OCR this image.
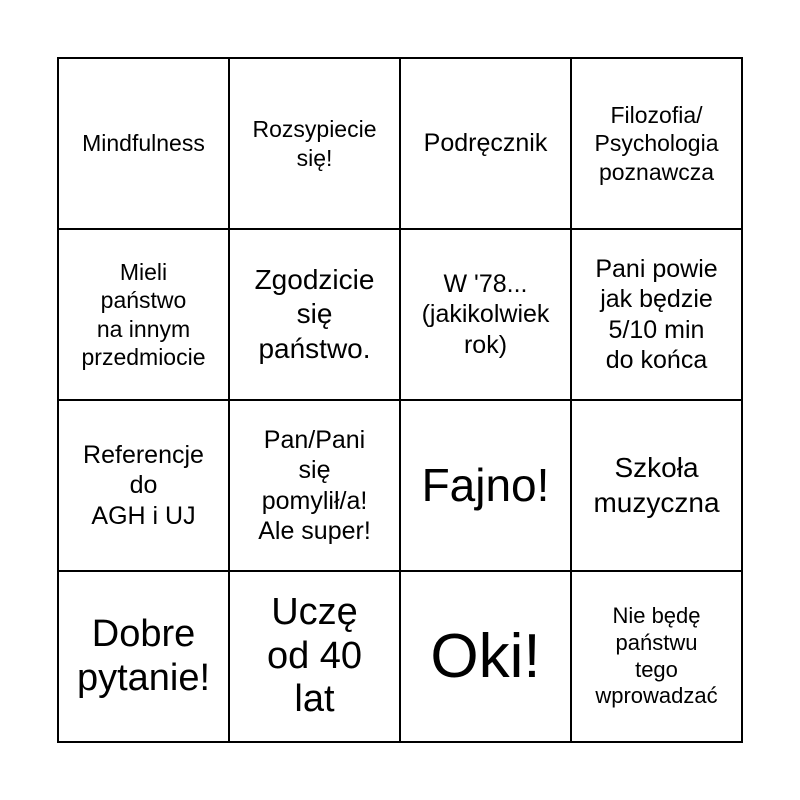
Mindfulness
Rozsypiecie
się!
Podręcznik
Filozofia/
Psychologia
poznawcza
Mieli
państwo
na innym
przedmiocie
Zgodzicie
się
państwo.
W '78...
(jakikolwiek
rok)
Pani powie
jak będzie
5/10 min
do końca
Referencje
do
AGH i UJ
Pan/Pani
się
pomylił/a!
Ale super!
Fajno!	Szkoła
muzyczna
Dobre
pytanie!
Uczę
od 40
lat
Oki!
Nie będę
państwu
tego
wprowadzać
